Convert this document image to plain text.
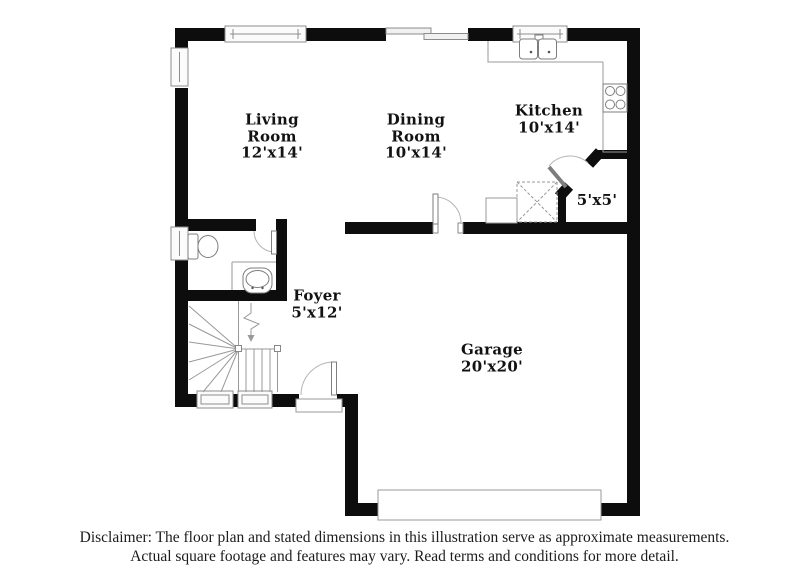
Living Room
12'x14'
Dining Room
10'x14'
Kitchen
10'x14'
5'x5'
Foyer
5'x12'
Garage
20'x20'
Disclaimer: The floor plan and stated dimensions in this illustration serve as approximate measurements.
Actual square footage and features may vary. Read terms and conditions for more detail.
